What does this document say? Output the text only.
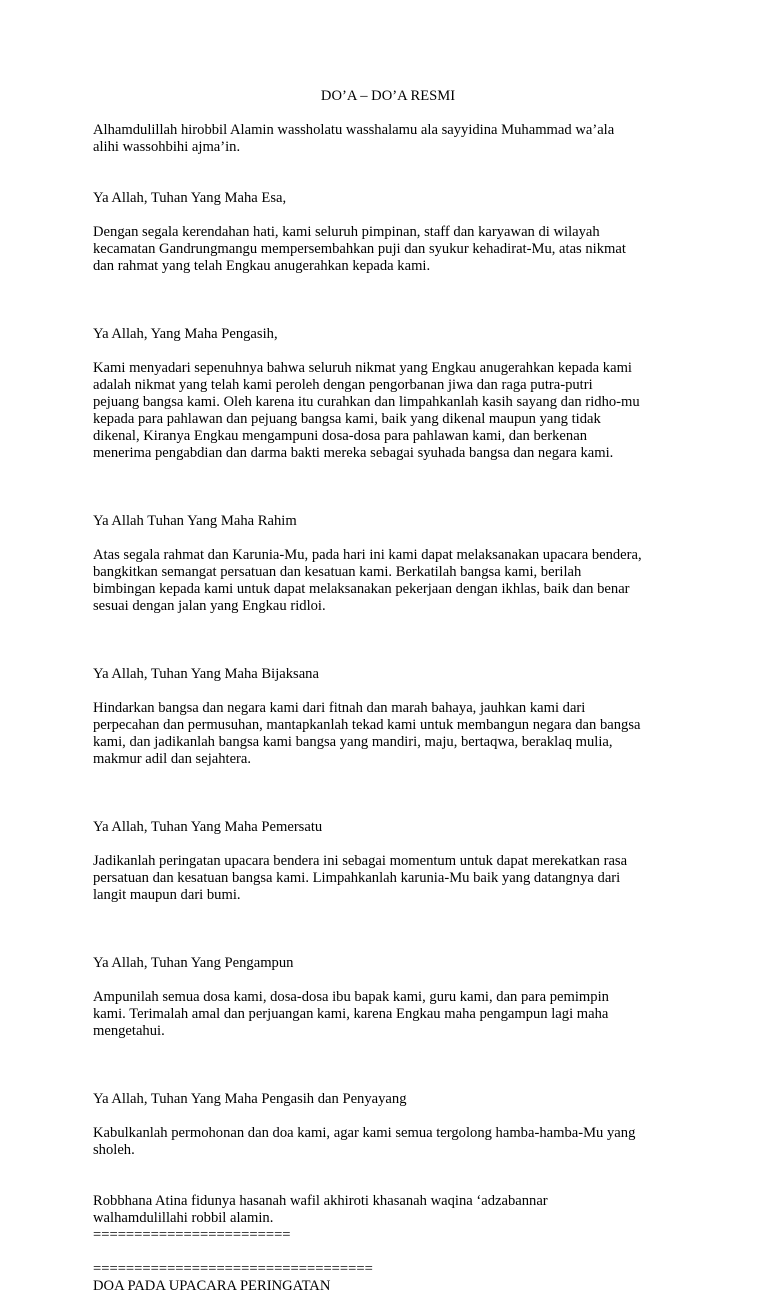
DO’A – DO’A RESMI
Alhamdulillah hirobbil Alamin wassholatu wasshalamu ala sayyidina Muhammad wa’ala
alihi wassohbihi ajma’in.

Ya Allah, Tuhan Yang Maha Esa,

Dengan segala kerendahan hati, kami seluruh pimpinan, staff dan karyawan di wilayah
kecamatan Gandrungmangu mempersembahkan puji dan syukur kehadirat-Mu, atas nikmat
dan rahmat yang telah Engkau anugerahkan kepada kami.

Ya Allah, Yang Maha Pengasih,

Kami menyadari sepenuhnya bahwa seluruh nikmat yang Engkau anugerahkan kepada kami
adalah nikmat yang telah kami peroleh dengan pengorbanan jiwa dan raga putra-putri
pejuang bangsa kami. Oleh karena itu curahkan dan limpahkanlah kasih sayang dan ridho-mu
kepada para pahlawan dan pejuang bangsa kami, baik yang dikenal maupun yang tidak
dikenal, Kiranya Engkau mengampuni dosa-dosa para pahlawan kami, dan berkenan
menerima pengabdian dan darma bakti mereka sebagai syuhada bangsa dan negara kami.

Ya Allah Tuhan Yang Maha Rahim

Atas segala rahmat dan Karunia-Mu, pada hari ini kami dapat melaksanakan upacara bendera,
bangkitkan semangat persatuan dan kesatuan kami. Berkatilah bangsa kami, berilah
bimbingan kepada kami untuk dapat melaksanakan pekerjaan dengan ikhlas, baik dan benar
sesuai dengan jalan yang Engkau ridloi.

Ya Allah, Tuhan Yang Maha Bijaksana

Hindarkan bangsa dan negara kami dari fitnah dan marah bahaya, jauhkan kami dari
perpecahan dan permusuhan, mantapkanlah tekad kami untuk membangun negara dan bangsa
kami, dan jadikanlah bangsa kami bangsa yang mandiri, maju, bertaqwa, beraklaq mulia,
makmur adil dan sejahtera.

Ya Allah, Tuhan Yang Maha Pemersatu

Jadikanlah peringatan upacara bendera ini sebagai momentum untuk dapat merekatkan rasa
persatuan dan kesatuan bangsa kami. Limpahkanlah karunia-Mu baik yang datangnya dari
langit maupun dari bumi.

Ya Allah, Tuhan Yang Pengampun

Ampunilah semua dosa kami, dosa-dosa ibu bapak kami, guru kami, dan para pemimpin
kami. Terimalah amal dan perjuangan kami, karena Engkau maha pengampun lagi maha
mengetahui.

Ya Allah, Tuhan Yang Maha Pengasih dan Penyayang

Kabulkanlah permohonan dan doa kami, agar kami semua tergolong hamba-hamba-Mu yang
sholeh.

Robbhana Atina fidunya hasanah wafil akhiroti khasanah waqina ‘adzabannar
walhamdulillahi robbil alamin.
========================
==================================
DOA PADA UPACARA PERINGATAN
